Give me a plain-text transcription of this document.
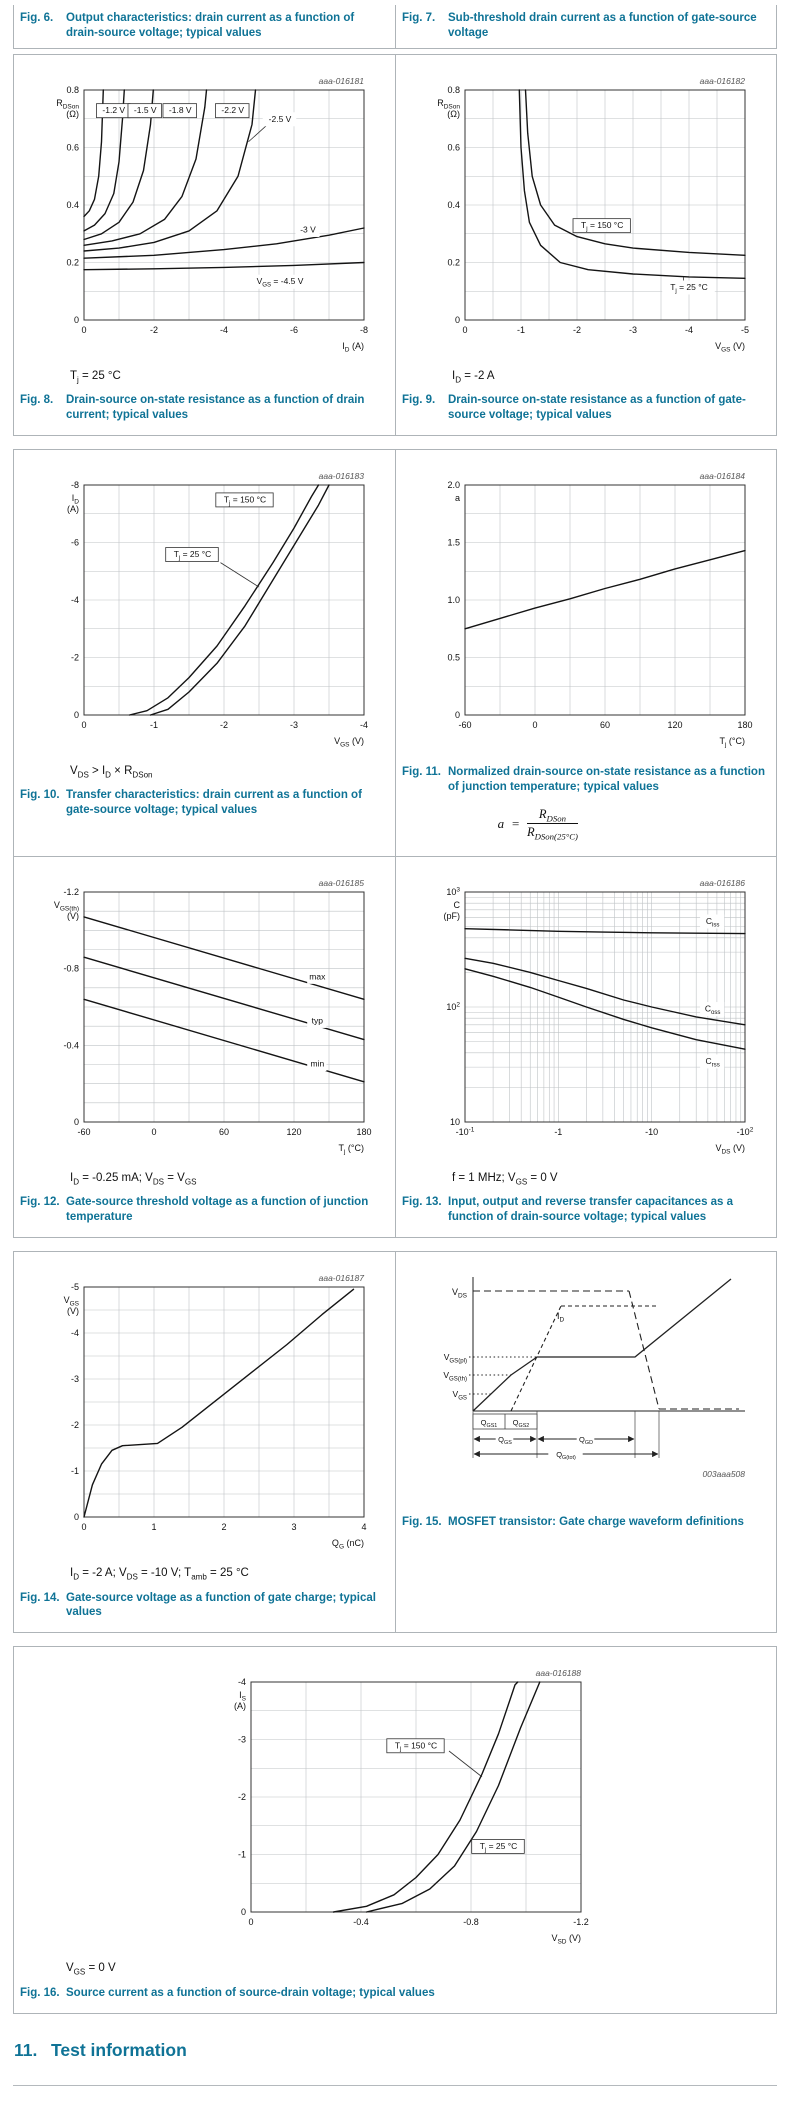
Fig. 6.	Output characteristics: drain current as a function of drain-source voltage; typical values
Fig. 7.	Sub-threshold drain current as a function of gate-source voltage
0	-2	-4	-6	-8
0
0.2
0.4
0.6
0.8
$R_{DSon}$
(Ω)
$I_D$ (A)
aaa-016181
-1.2 V -1.5 V -1.8 V	-2.2 V
-2.5 V
-3 V
$V_{GS} = -4.5$ V
$T_j = 25$ °C
Fig. 8.	Drain-source on-state resistance as a function of drain current; typical values
0	-1	-2	-3	-4	-5
0
0.2
0.4
0.6
0.8
$R_{DSon}$
(Ω)
$V_{GS}$ (V)
aaa-016182
$T_j = 150$ °C
$T_j = 25$ °C
$I_D = -2$ A
Fig. 9.	Drain-source on-state resistance as a function of gate-source voltage; typical values
0	-1	-2	-3	-4
0
-2
-4
-6
-8
$I_D$
(A)
$V_{GS}$ (V)
aaa-016183
$T_j = 150$ °C
$T_j = 25$ °C
$V_{DS} > I_D \times R_{DSon}$
Fig. 10. Transfer characteristics: drain current as a function of gate-source voltage; typical values
-60	0	60	120	180
0
0.5
1.0
1.5
2.0
a
$T_j$ (°C)
aaa-016184
Fig. 11. Normalized drain-source on-state resistance as a function of junction temperature; typical values
$a = \frac{R_{DSon}}{R_{DSon(25^\circ C)}}$
-60	0	60	120	180
0
-0.4
-0.8
-1.2
$V_{GS(th)}$
(V)
$T_j$ (°C)
aaa-016185
max
typ
min
$I_D = -0.25$ mA; $V_{DS} = V_{GS}$
Fig. 12. Gate-source threshold voltage as a function of junction temperature
$-10^{-1}$	-1	-10	$-10^2$
$10^3$
$10^2$
10
C
(pF)
$V_{DS}$ (V)
aaa-016186
$C_{iss}$
$C_{oss}$
$C_{rss}$
f = 1 MHz; $V_{GS} = 0$ V
Fig. 13. Input, output and reverse transfer capacitances as a function of drain-source voltage; typical values
0	1	2	3	4
0
-1
-2
-3
-4
-5
$V_{GS}$
(V)
$Q_G$ (nC)
aaa-016187
$I_D = -2$ A; $V_{DS} = -10$ V; $T_{amb} = 25$ °C
Fig. 14. Gate-source voltage as a function of gate charge; typical values
$V_{DS}$
$I_D$
$V_{GS(pl)}$
$V_{GS(th)}$
$V_{GS}$
$Q_{GS1}$ $Q_{GS2}$
$Q_{GS}$	$Q_{GD}$
$Q_{G(tot)}$
003aaa508
Fig. 15. MOSFET transistor: Gate charge waveform definitions
0	-0.4	-0.8	-1.2
0
-1
-2
-3
-4
$I_S$
(A)
$V_{SD}$ (V)
aaa-016188
$T_j = 150$ °C
$T_j = 25$ °C
$V_{GS} = 0$ V
Fig. 16. Source current as a function of source-drain voltage; typical values
11. Test information
